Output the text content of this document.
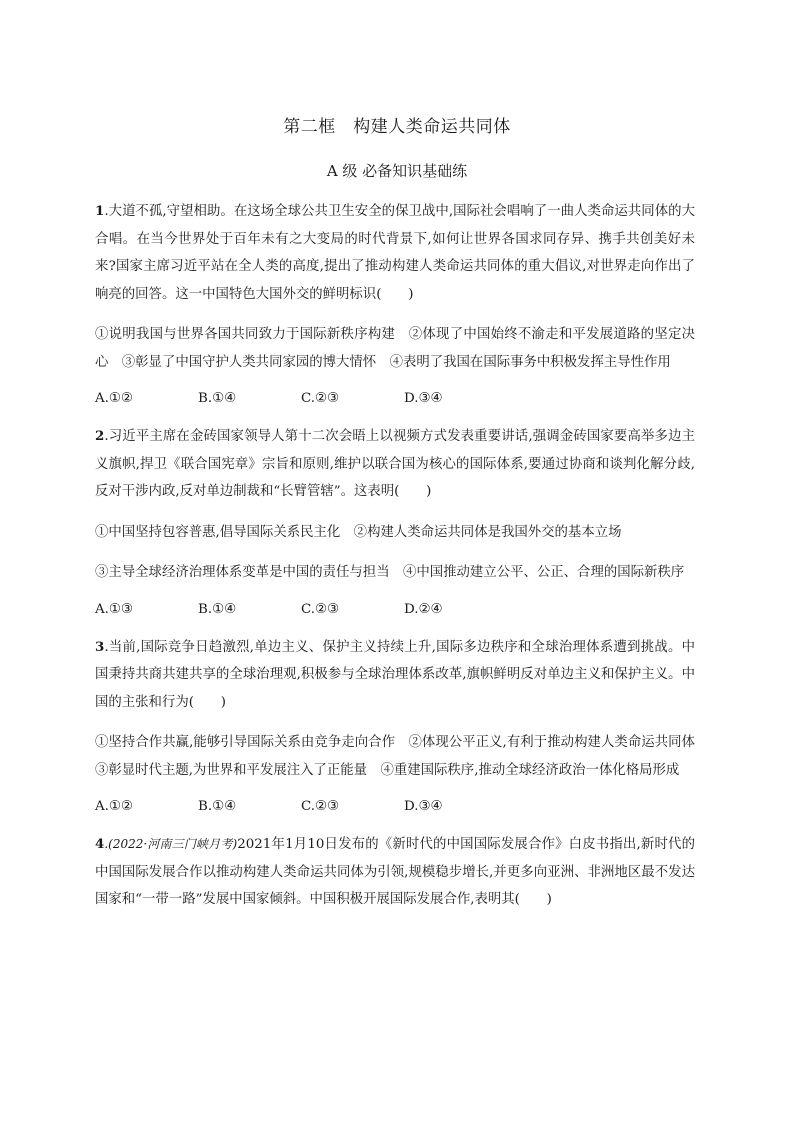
第二框　构建人类命运共同体
A 级 必备知识基础练

1.大道不孤,守望相助。在这场全球公共卫生安全的保卫战中,国际社会唱响了一曲人类命运共同体的大合唱。在当今世界处于百年未有之大变局的时代背景下,如何让世界各国求同存异、携手共创美好未来?国家主席习近平站在全人类的高度,提出了推动构建人类命运共同体的重大倡议,对世界走向作出了响亮的回答。这一中国特色大国外交的鲜明标识(　　)

①说明我国与世界各国共同致力于国际新秩序构建　②体现了中国始终不渝走和平发展道路的坚定决心　③彰显了中国守护人类共同家园的博大情怀　④表明了我国在国际事务中积极发挥主导性作用

A.①②	B.①④	C.②③	D.③④

2.习近平主席在金砖国家领导人第十二次会晤上以视频方式发表重要讲话,强调金砖国家要高举多边主义旗帜,捍卫《联合国宪章》宗旨和原则,维护以联合国为核心的国际体系,要通过协商和谈判化解分歧,反对干涉内政,反对单边制裁和“长臂管辖”。这表明(　　)

①中国坚持包容普惠,倡导国际关系民主化　②构建人类命运共同体是我国外交的基本立场

③主导全球经济治理体系变革是中国的责任与担当　④中国推动建立公平、公正、合理的国际新秩序

A.①③	B.①④	C.②③	D.②④

3.当前,国际竞争日趋激烈,单边主义、保护主义持续上升,国际多边秩序和全球治理体系遭到挑战。中国秉持共商共建共享的全球治理观,积极参与全球治理体系改革,旗帜鲜明反对单边主义和保护主义。中国的主张和行为(　　)

①坚持合作共赢,能够引导国际关系由竞争走向合作　②体现公平正义,有利于推动构建人类命运共同体　③彰显时代主题,为世界和平发展注入了正能量　④重建国际秩序,推动全球经济政治一体化格局形成

A.①②	B.①④	C.②③	D.③④

4.(2022·河南三门峡月考)2021年1月10日发布的《新时代的中国国际发展合作》白皮书指出,新时代的中国国际发展合作以推动构建人类命运共同体为引领,规模稳步增长,并更多向亚洲、非洲地区最不发达国家和“一带一路”发展中国家倾斜。中国积极开展国际发展合作,表明其(　　)
